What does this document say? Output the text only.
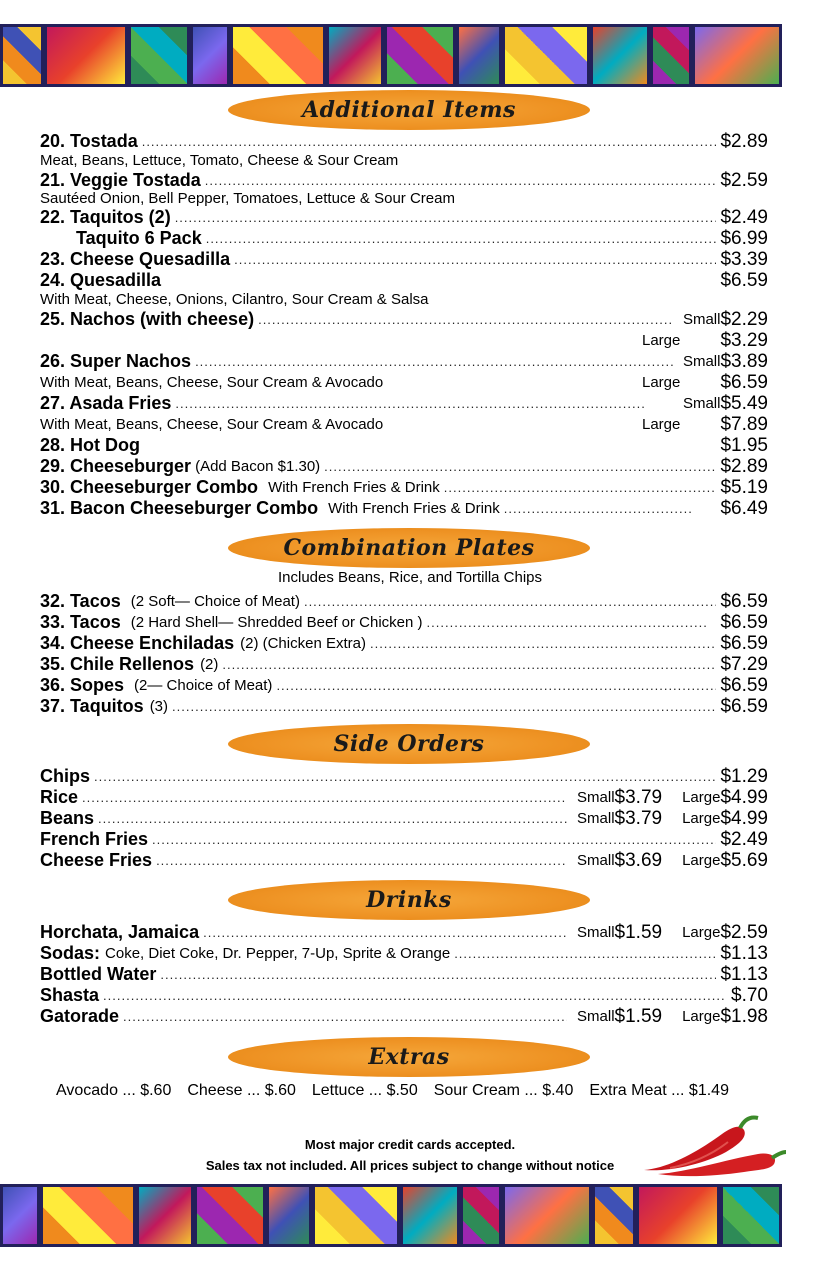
Additional Items
20. Tostada .....	$2.89
Meat, Beans, Lettuce, Tomato, Cheese & Sour Cream
21. Veggie Tostada .....	$2.59
Sautéed Onion, Bell Pepper, Tomatoes, Lettuce & Sour Cream
22. Taquitos (2) .....	$2.49
Taquito 6 Pack .....	$6.99
23. Cheese Quesadilla .....	$3.39
24. Quesadilla	$6.59
With Meat, Cheese, Onions, Cilantro, Sour Cream & Salsa
25. Nachos (with cheese) .....	Small $2.29
Large	$3.29
26. Super Nachos .....	Small $3.89
With Meat, Beans, Cheese, Sour Cream & Avocado	Large	$6.59
27. Asada Fries .....	Small $5.49
With Meat, Beans, Cheese, Sour Cream & Avocado	Large	$7.89
28. Hot Dog	$1.95
29. Cheeseburger (Add Bacon $1.30) .....	$2.89
30. Cheeseburger Combo With French Fries & Drink .....	$5.19
31. Bacon Cheeseburger Combo With French Fries & Drink .....	$6.49
Combination Plates
Includes Beans, Rice, and Tortilla Chips
32. Tacos (2 Soft— Choice of Meat) .....	$6.59
33. Tacos (2 Hard Shell— Shredded Beef or Chicken ) .....	$6.59
34. Cheese Enchiladas (2) (Chicken Extra) .....	$6.59
35. Chile Rellenos (2) .....	$7.29
36. Sopes (2— Choice of Meat) .....	$6.59
37. Taquitos (3) .....	$6.59
Side Orders
Chips .....	$1.29
Rice .....	Small $3.79 Large $4.99
Beans .....	Small $3.79 Large $4.99
French Fries .....	$2.49
Cheese Fries .....	Small $3.69 Large $5.69
Drinks
Horchata, Jamaica .....	Small $1.59 Large $2.59
Sodas: Coke, Diet Coke, Dr. Pepper, 7-Up, Sprite & Orange .....	$1.13
Bottled Water .....	$1.13
Shasta .....	$.70
Gatorade .....	Small $1.59 Large $1.98
Extras
Avocado ... $.60 Cheese ... $.60 Lettuce ... $.50 Sour Cream ... $.40 Extra Meat ... $1.49
Most major credit cards accepted.
Sales tax not included. All prices subject to change without notice
